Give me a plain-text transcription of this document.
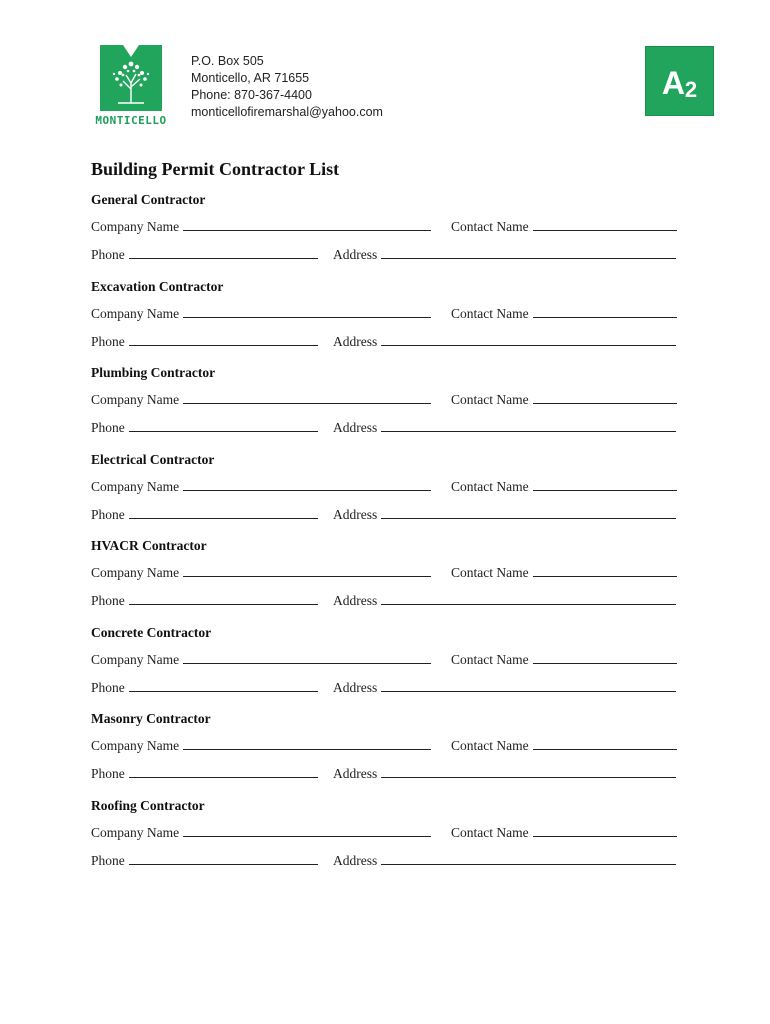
MONTICELLO
P.O. Box 505
Monticello, AR 71655
Phone: 870-367-4400
monticellofiremarshal@yahoo.com
A 2
Building Permit Contractor List
General Contractor
Company Name	Contact Name
Phone	Address
Excavation Contractor
Company Name	Contact Name
Phone	Address
Plumbing Contractor
Company Name	Contact Name
Phone	Address
Electrical Contractor
Company Name	Contact Name
Phone	Address
HVACR Contractor
Company Name	Contact Name
Phone	Address
Concrete Contractor
Company Name	Contact Name
Phone	Address
Masonry Contractor
Company Name	Contact Name
Phone	Address
Roofing Contractor
Company Name	Contact Name
Phone	Address
